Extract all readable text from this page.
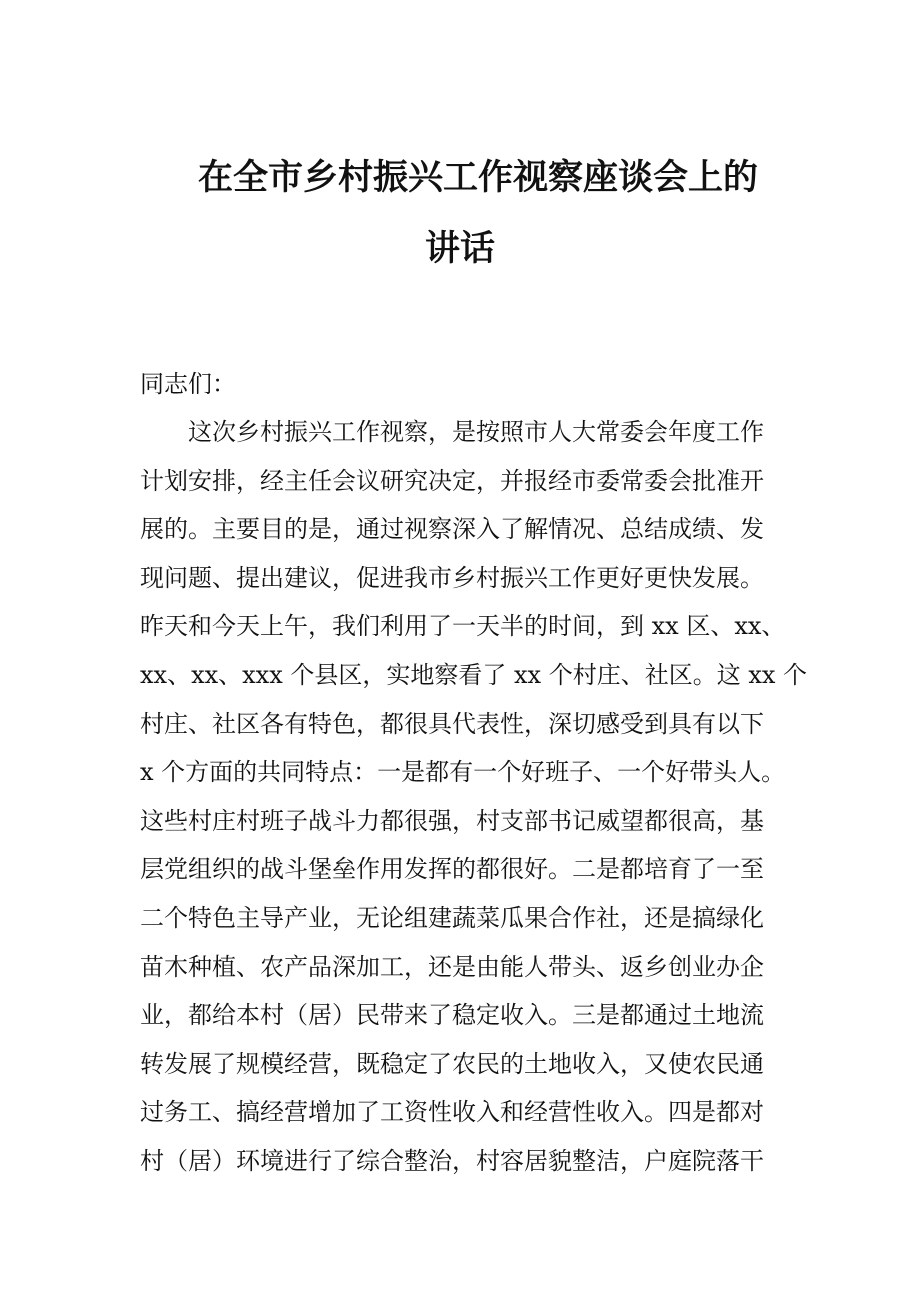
在全市乡村振兴工作视察座谈会上的
讲话
同志们：
这次乡村振兴工作视察，是按照市人大常委会年度工作
计划安排，经主任会议研究决定，并报经市委常委会批准开
展的。主要目的是，通过视察深入了解情况、总结成绩、发
现问题、提出建议，促进我市乡村振兴工作更好更快发展。
昨天和今天上午，我们利用了一天半的时间，到 xx 区、xx、
xx、xx、xxx 个县区，实地察看了 xx 个村庄、社区。这 xx 个
村庄、社区各有特色，都很具代表性，深切感受到具有以下
x 个方面的共同特点：一是都有一个好班子、一个好带头人。
这些村庄村班子战斗力都很强，村支部书记威望都很高，基
层党组织的战斗堡垒作用发挥的都很好。二是都培育了一至
二个特色主导产业，无论组建蔬菜瓜果合作社，还是搞绿化
苗木种植、农产品深加工，还是由能人带头、返乡创业办企
业，都给本村（居）民带来了稳定收入。三是都通过土地流
转发展了规模经营，既稳定了农民的土地收入，又使农民通
过务工、搞经营增加了工资性收入和经营性收入。四是都对
村（居）环境进行了综合整治，村容居貌整洁，户庭院落干
